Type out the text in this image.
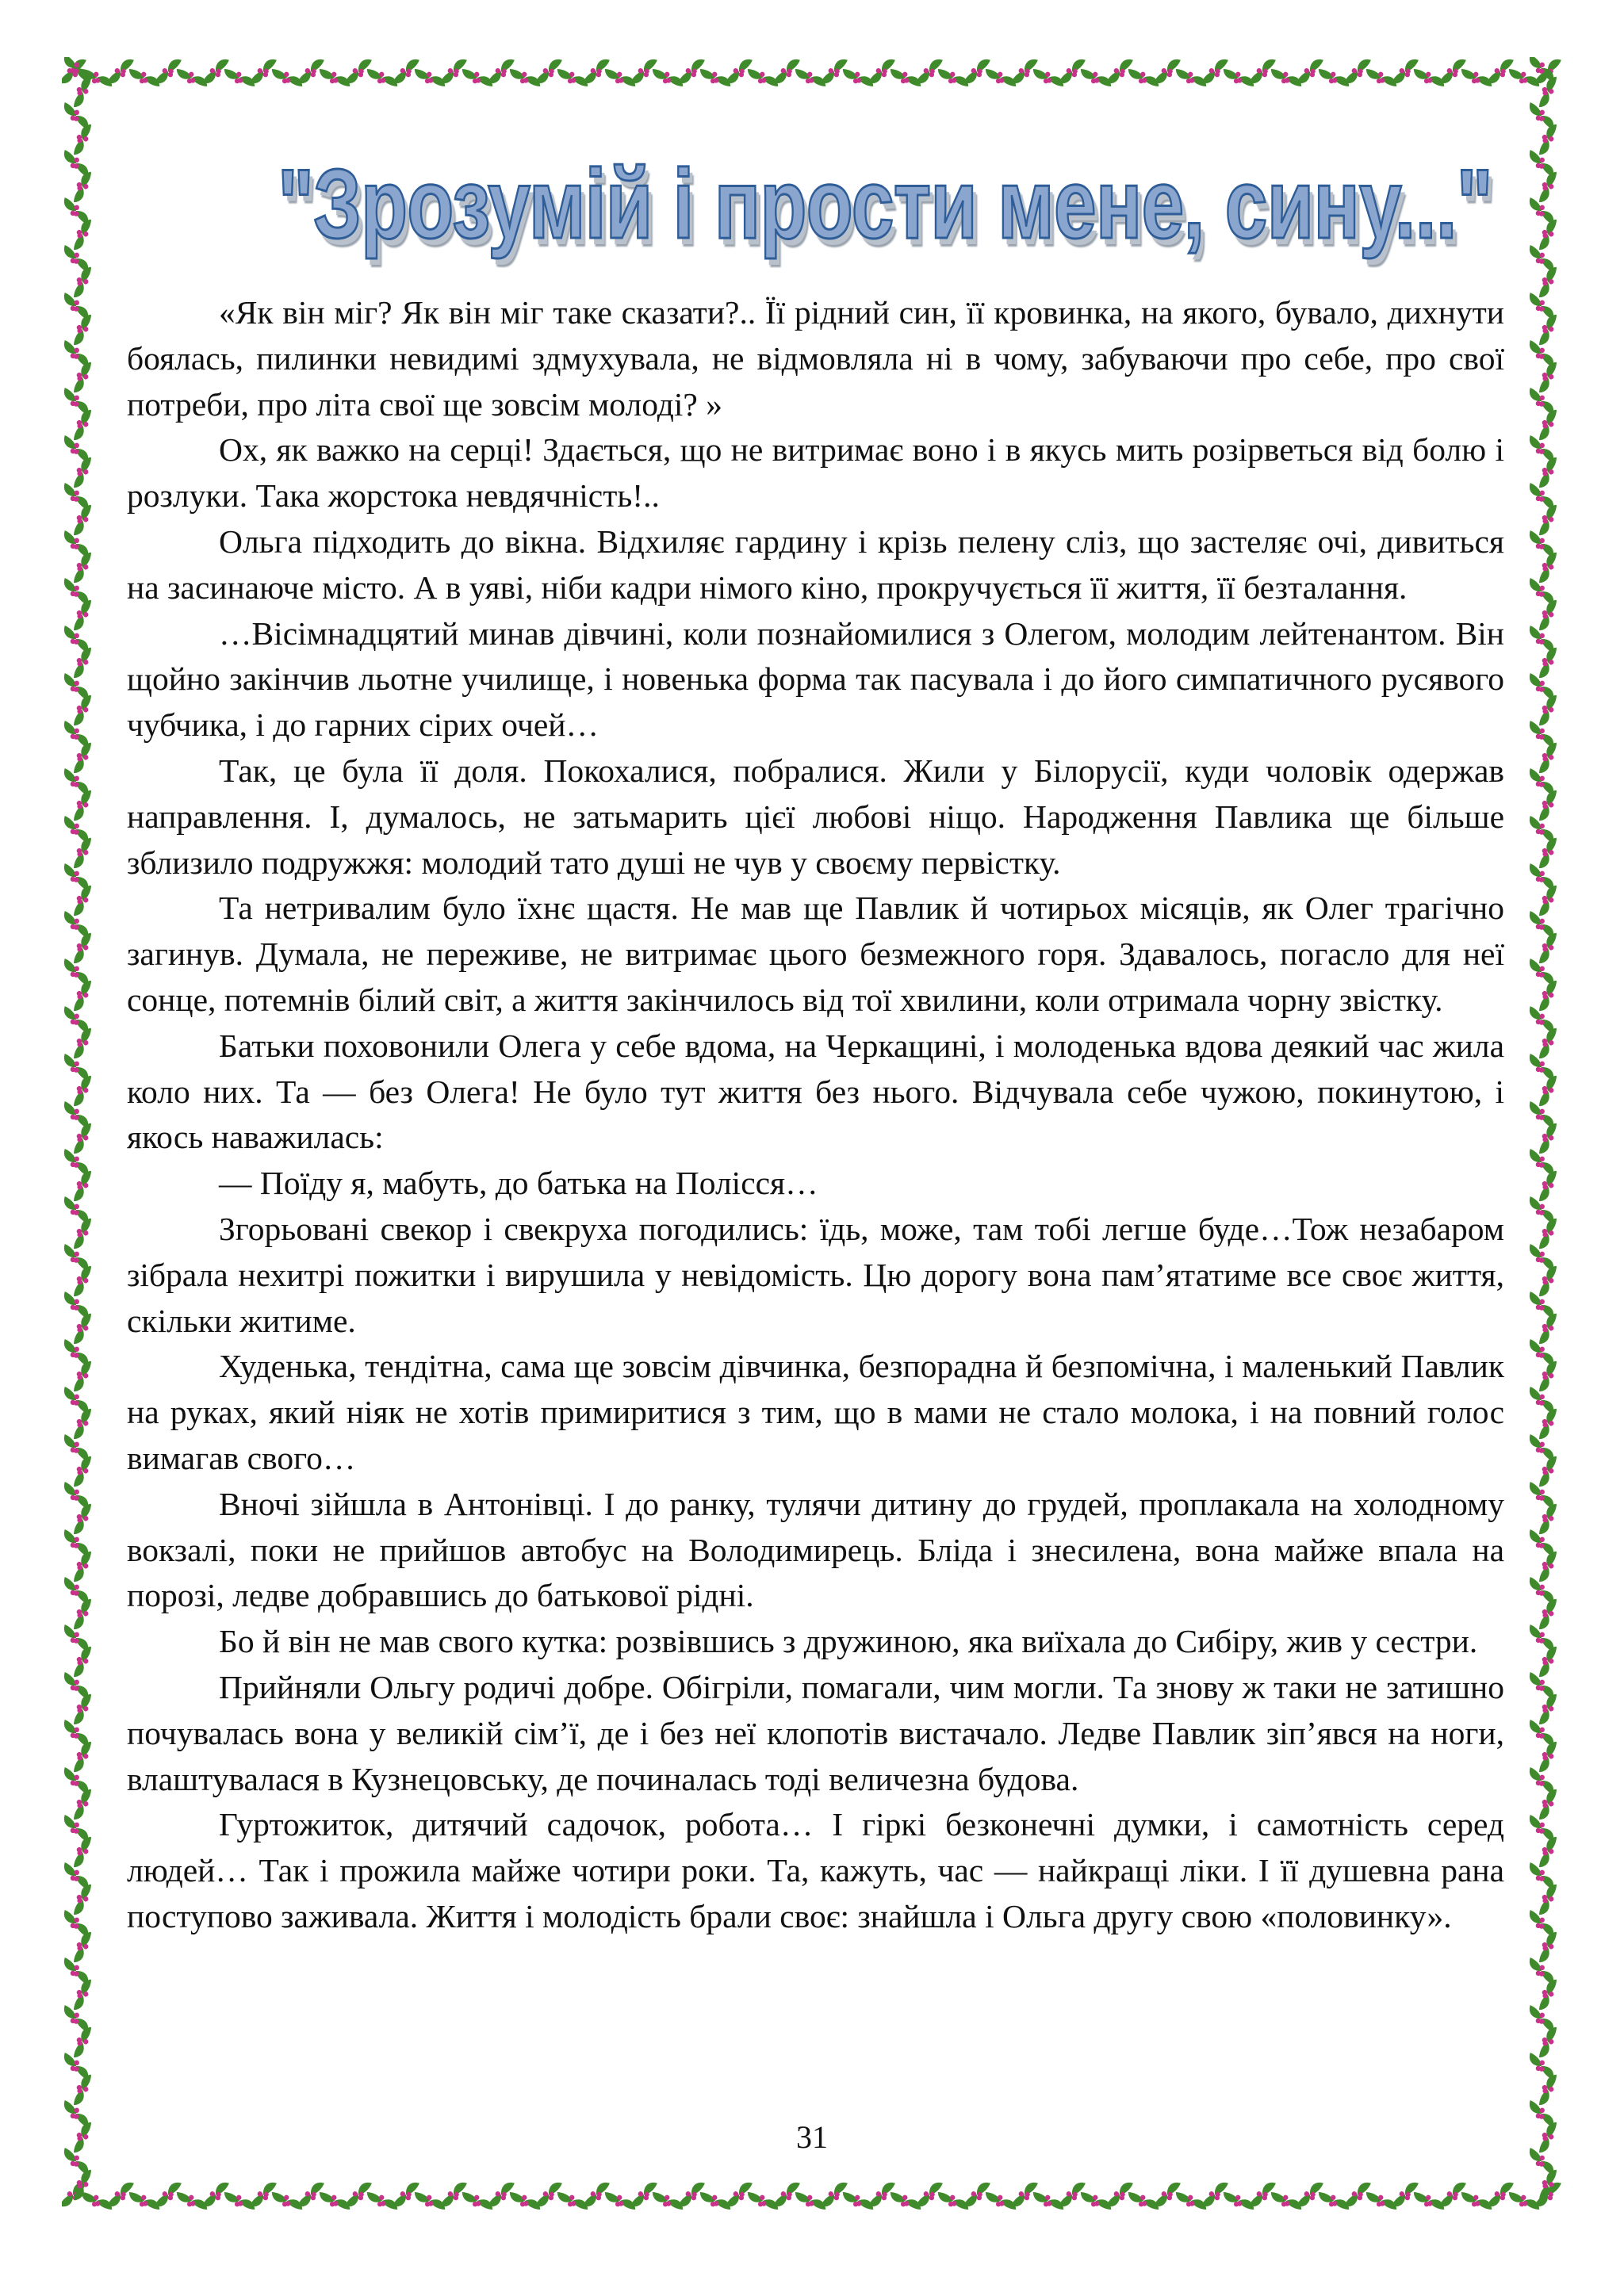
"Зрозумій і прости мене, сину..."

«Як він міг? Як він міг таке сказати?.. Її рідний син, її кровинка, на якого, бувало, дихнути боялась, пилинки невидимі здмухувала, не відмовляла ні в чому, забуваючи про себе, про свої потреби, про літа свої ще зовсім молоді? »

Ох, як важко на серці! Здається, що не витримає воно і в якусь мить розірветься від болю і розлуки. Така жорстока невдячність!..

Ольга підходить до вікна. Відхиляє гардину і крізь пелену сліз, що застеляє очі, дивиться на засинаюче місто. А в уяві, ніби кадри німого кіно, прокручується її життя, її безталання.

…Вісімнадцятий минав дівчині, коли познайомилися з Олегом, молодим лейтенантом. Він щойно закінчив льотне училище, і новенька форма так пасувала і до його симпатичного русявого чубчика, і до гарних сірих очей…

Так, це була її доля. Покохалися, побралися. Жили у Білорусії, куди чоловік одержав направлення. І, думалось, не затьмарить цієї любові ніщо. Народження Павлика ще більше зблизило подружжя: молодий тато душі не чув у своєму первістку.

Та нетривалим було їхнє щастя. Не мав ще Павлик й чотирьох місяців, як Олег трагічно загинув. Думала, не переживе, не витримає цього безмежного горя. Здавалось, погасло для неї сонце, потемнів білий світ, а життя закінчилось від тої хвилини, коли отримала чорну звістку.

Батьки поховонили Олега у себе вдома, на Черкащині, і молоденька вдова деякий час жила коло них. Та — без Олега! Не було тут життя без нього. Відчувала себе чужою, покинутою, і якось наважилась:

— Поїду я, мабуть, до батька на Полісся…

Згорьовані свекор і свекруха погодились: їдь, може, там тобі легше буде…Тож незабаром зібрала нехитрі пожитки і вирушила у невідомість. Цю дорогу вона пам’ятатиме все своє життя, скільки житиме.

Худенька, тендітна, сама ще зовсім дівчинка, безпорадна й безпомічна, і маленький Павлик на руках, який ніяк не хотів примиритися з тим, що в мами не стало молока, і на повний голос вимагав свого…

Вночі зійшла в Антонівці. І до ранку, тулячи дитину до грудей, проплакала на холодному вокзалі, поки не прийшов автобус на Володимирець. Бліда і знесилена, вона майже впала на порозі, ледве добравшись до батькової рідні.

Бо й він не мав свого кутка: розвівшись з дружиною, яка виїхала до Сибіру, жив у сестри.

Прийняли Ольгу родичі добре. Обігріли, помагали, чим могли. Та знову ж таки не затишно почувалась вона у великій сім’ї, де і без неї клопотів вистачало. Ледве Павлик зіп’явся на ноги, влаштувалася в Кузнецовську, де починалась тоді величезна будова.

Гуртожиток, дитячий садочок, робота… І гіркі безконечні думки, і самотність серед людей… Так і прожила майже чотири роки. Та, кажуть, час — найкращі ліки. І її душевна рана поступово заживала. Життя і молодість брали своє: знайшла і Ольга другу свою «половинку».

31
